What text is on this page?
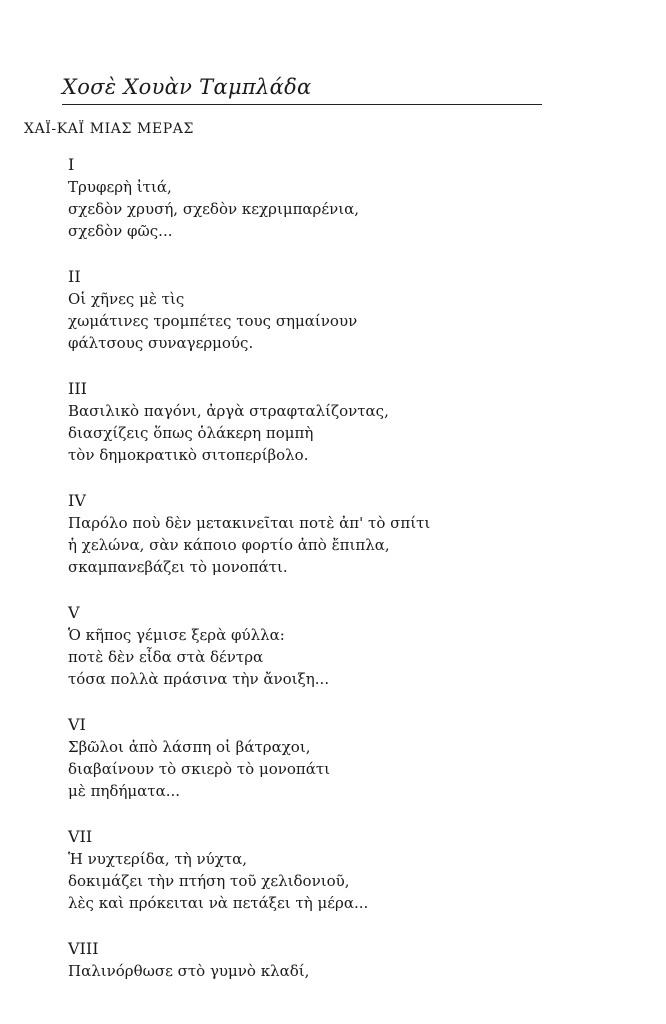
Χοσὲ Χουὰν Ταμπλάδα
ΧΑΪ-ΚΑΪ ΜΙΑΣ ΜΕΡΑΣ
I
Τρυφερὴ ἰτιά,
σχεδὸν χρυσή, σχεδὸν κεχριμπαρένια,
σχεδὸν φῶς...
II
Οἱ χῆνες μὲ τὶς
χωμάτινες τρομπέτες τους σημαίνουν
φάλτσους συναγερμούς.
III
Βασιλικὸ παγόνι, ἀργὰ στραφταλίζοντας,
διασχίζεις ὅπως ὁλάκερη πομπὴ
τὸν δημοκρατικὸ σιτοπερίβολο.
IV
Παρόλο ποὺ δὲν μετακινεῖται ποτὲ ἀπ' τὸ σπίτι
ἡ χελώνα, σὰν κάποιο φορτίο ἀπὸ ἔπιπλα,
σκαμπανεβάζει τὸ μονοπάτι.
V
Ὁ κῆπος γέμισε ξερὰ φύλλα:
ποτὲ δὲν εἶδα στὰ δέντρα
τόσα πολλὰ πράσινα τὴν ἄνοιξη...
VI
Σβῶλοι ἀπὸ λάσπη οἱ βάτραχοι,
διαβαίνουν τὸ σκιερὸ τὸ μονοπάτι
μὲ πηδήματα...
VII
Ἡ νυχτερίδα, τὴ νύχτα,
δοκιμάζει τὴν πτήση τοῦ χελιδονιοῦ,
λὲς καὶ πρόκειται νὰ πετάξει τὴ μέρα...
VIII
Παλινόρθωσε στὸ γυμνὸ κλαδί,
